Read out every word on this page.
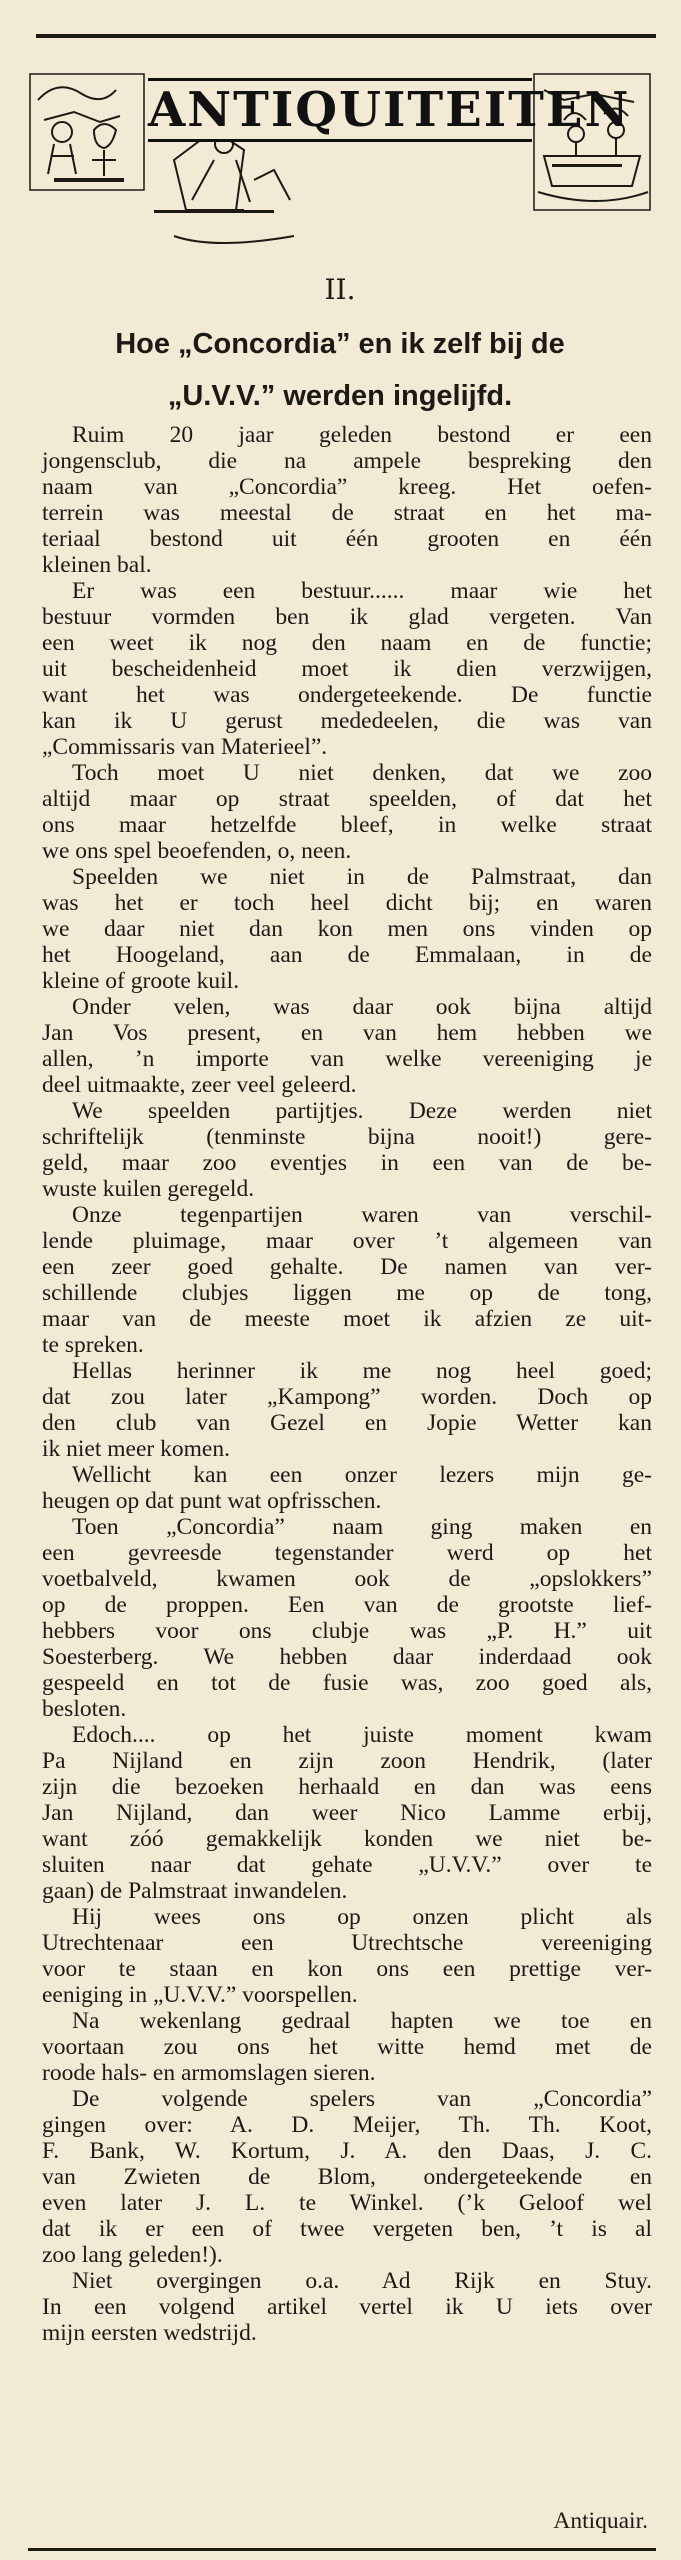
ANTIQUITEITEN
II.
Hoe „Concordia” en ik zelf bij de
„U.V.V.” werden ingelijfd.
Ruim 20 jaar geleden bestond er een
jongensclub, die na ampele bespreking den
naam van „Concordia” kreeg. Het oefen-
terrein was meestal de straat en het ma-
teriaal bestond uit één grooten en één
kleinen bal.
Er was een bestuur...... maar wie het
bestuur vormden ben ik glad vergeten. Van
een weet ik nog den naam en de functie;
uit bescheidenheid moet ik dien verzwijgen,
want het was ondergeteekende. De functie
kan ik U gerust mededeelen, die was van
„Commissaris van Materieel”.
Toch moet U niet denken, dat we zoo
altijd maar op straat speelden, of dat het
ons maar hetzelfde bleef, in welke straat
we ons spel beoefenden, o, neen.
Speelden we niet in de Palmstraat, dan
was het er toch heel dicht bij; en waren
we daar niet dan kon men ons vinden op
het Hoogeland, aan de Emmalaan, in de
kleine of groote kuil.
Onder velen, was daar ook bijna altijd
Jan Vos present, en van hem hebben we
allen, ’n importe van welke vereeniging je
deel uitmaakte, zeer veel geleerd.
We speelden partijtjes. Deze werden niet
schriftelijk (tenminste bijna nooit!) gere-
geld, maar zoo eventjes in een van de be-
wuste kuilen geregeld.
Onze tegenpartijen waren van verschil-
lende pluimage, maar over ’t algemeen van
een zeer goed gehalte. De namen van ver-
schillende clubjes liggen me op de tong,
maar van de meeste moet ik afzien ze uit-
te spreken.
Hellas herinner ik me nog heel goed;
dat zou later „Kampong” worden. Doch op
den club van Gezel en Jopie Wetter kan
ik niet meer komen.
Wellicht kan een onzer lezers mijn ge-
heugen op dat punt wat opfrisschen.
Toen „Concordia” naam ging maken en
een gevreesde tegenstander werd op het
voetbalveld, kwamen ook de „opslokkers”
op de proppen. Een van de grootste lief-
hebbers voor ons clubje was „P. H.” uit
Soesterberg. We hebben daar inderdaad ook
gespeeld en tot de fusie was, zoo goed als,
besloten.
Edoch.... op het juiste moment kwam
Pa Nijland en zijn zoon Hendrik, (later
zijn die bezoeken herhaald en dan was eens
Jan Nijland, dan weer Nico Lamme erbij,
want zóó gemakkelijk konden we niet be-
sluiten naar dat gehate „U.V.V.” over te
gaan) de Palmstraat inwandelen.
Hij wees ons op onzen plicht als
Utrechtenaar een Utrechtsche vereeniging
voor te staan en kon ons een prettige ver-
eeniging in „U.V.V.” voorspellen.
Na wekenlang gedraal hapten we toe en
voortaan zou ons het witte hemd met de
roode hals- en armomslagen sieren.
De volgende spelers van „Concordia”
gingen over: A. D. Meijer, Th. Th. Koot,
F. Bank, W. Kortum, J. A. den Daas, J. C.
van Zwieten de Blom, ondergeteekende en
even later J. L. te Winkel. (’k Geloof wel
dat ik er een of twee vergeten ben, ’t is al
zoo lang geleden!).
Niet overgingen o.a. Ad Rijk en Stuy.
In een volgend artikel vertel ik U iets over
mijn eersten wedstrijd.
Antiquair.
